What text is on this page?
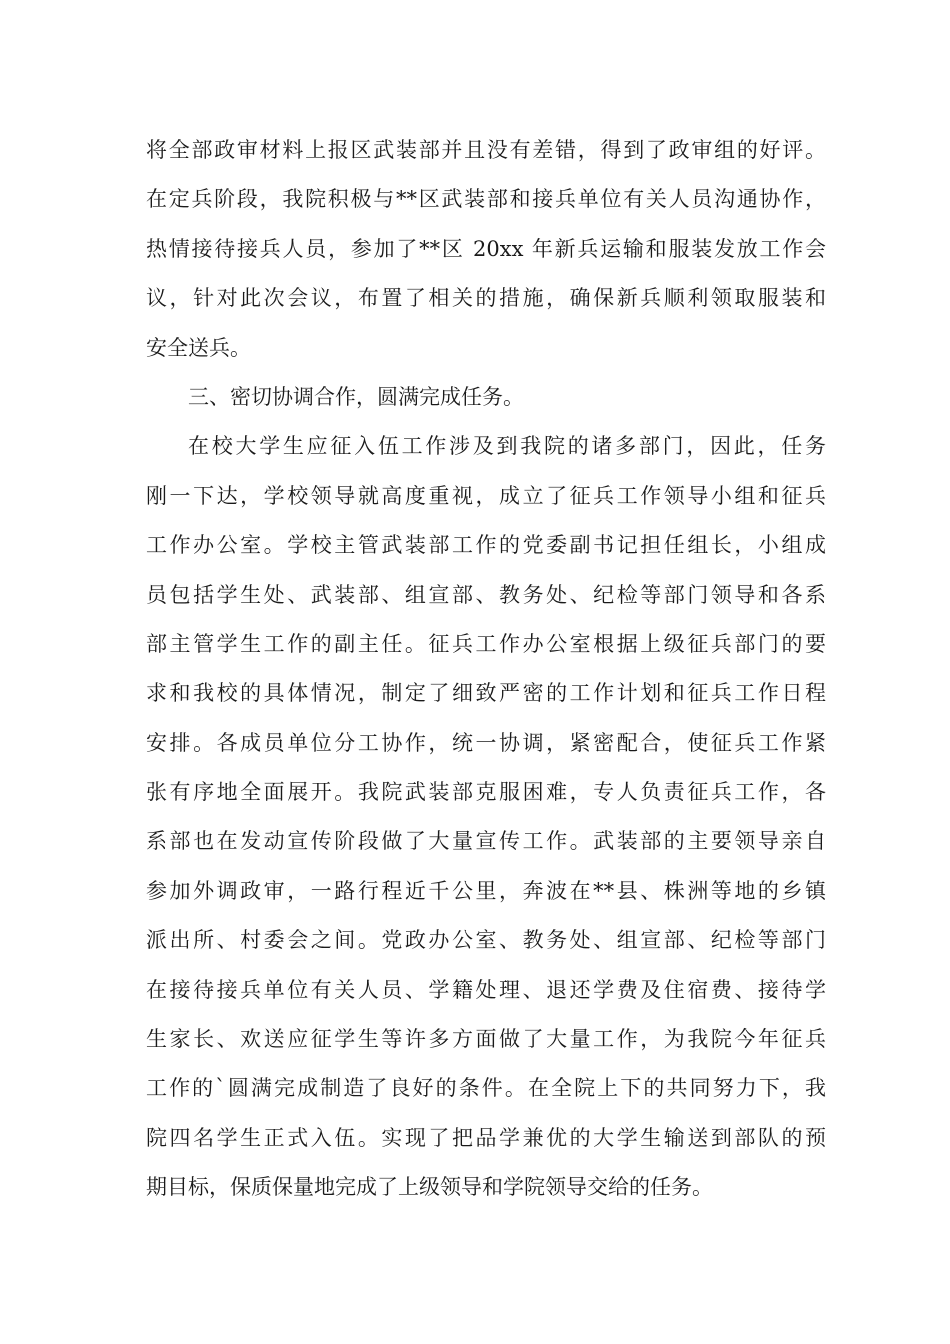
将全部政审材料上报区武装部并且没有差错，得到了政审组的好评。
在定兵阶段，我院积极与**区武装部和接兵单位有关人员沟通协作，
热情接待接兵人员，参加了**区 20xx 年新兵运输和服装发放工作会
议，针对此次会议，布置了相关的措施，确保新兵顺利领取服装和
安全送兵。
三、密切协调合作，圆满完成任务。
在校大学生应征入伍工作涉及到我院的诸多部门，因此，任务
刚一下达，学校领导就高度重视，成立了征兵工作领导小组和征兵
工作办公室。学校主管武装部工作的党委副书记担任组长，小组成
员包括学生处、武装部、组宣部、教务处、纪检等部门领导和各系
部主管学生工作的副主任。征兵工作办公室根据上级征兵部门的要
求和我校的具体情况，制定了细致严密的工作计划和征兵工作日程
安排。各成员单位分工协作，统一协调，紧密配合，使征兵工作紧
张有序地全面展开。我院武装部克服困难，专人负责征兵工作，各
系部也在发动宣传阶段做了大量宣传工作。武装部的主要领导亲自
参加外调政审，一路行程近千公里，奔波在**县、株洲等地的乡镇
派出所、村委会之间。党政办公室、教务处、组宣部、纪检等部门
在接待接兵单位有关人员、学籍处理、退还学费及住宿费、接待学
生家长、欢送应征学生等许多方面做了大量工作，为我院今年征兵
工作的`圆满完成制造了良好的条件。在全院上下的共同努力下，我
院四名学生正式入伍。实现了把品学兼优的大学生输送到部队的预
期目标，保质保量地完成了上级领导和学院领导交给的任务。
